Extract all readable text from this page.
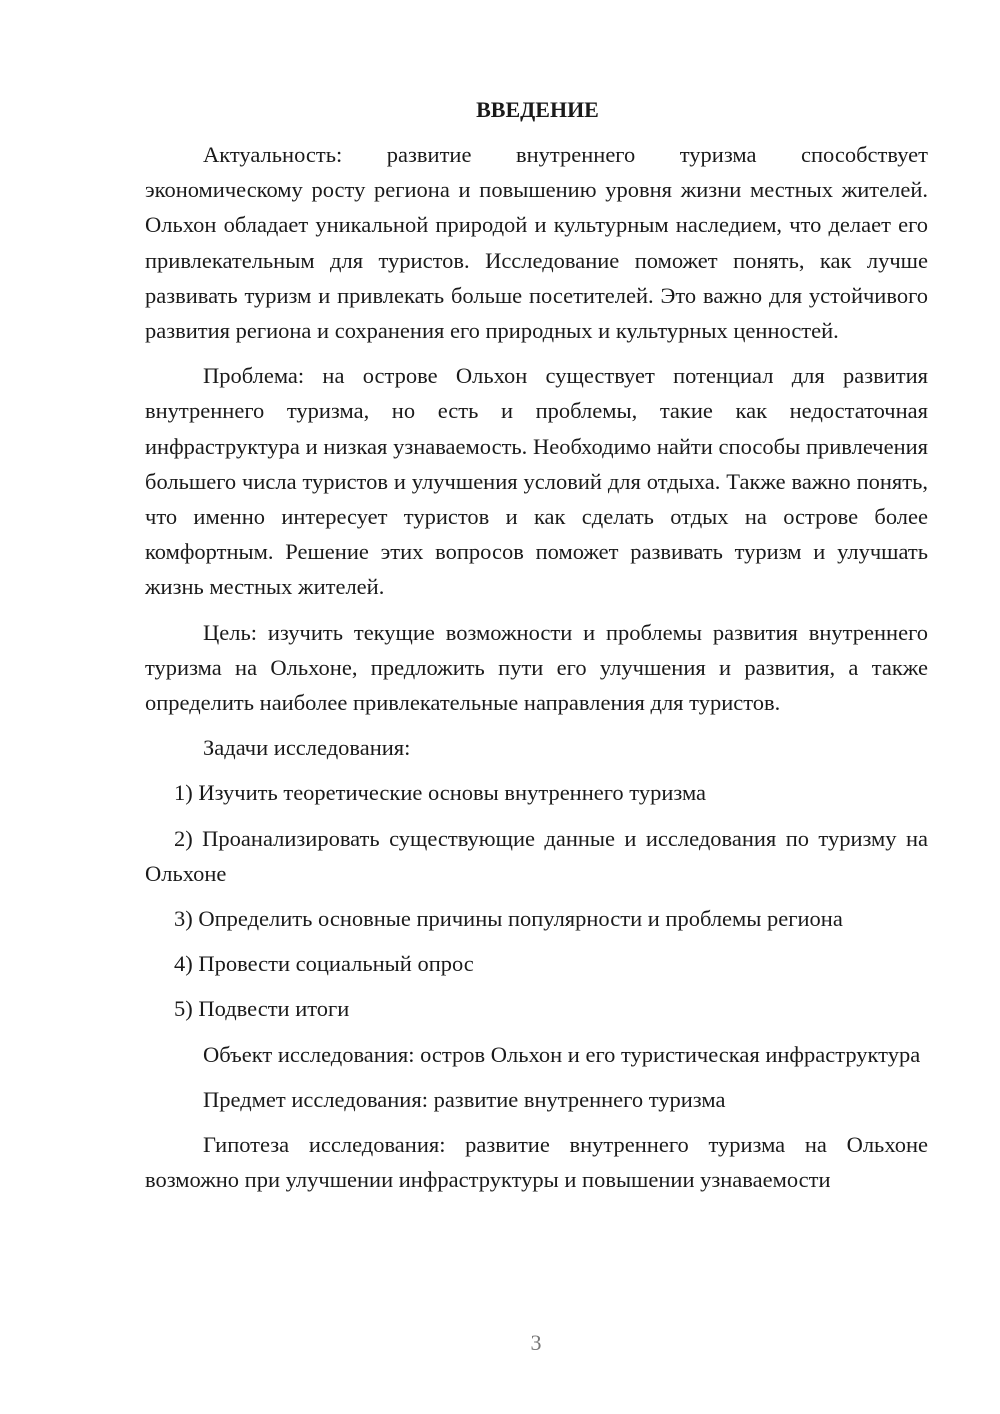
ВВЕДЕНИЕ

Актуальность: развитие внутреннего туризма способствует экономическому росту региона и повышению уровня жизни местных жителей. Ольхон обладает уникальной природой и культурным наследием, что делает его привлекательным для туристов. Исследование поможет понять, как лучше развивать туризм и привлекать больше посетителей. Это важно для устойчивого развития региона и сохранения его природных и культурных ценностей.

Проблема: на острове Ольхон существует потенциал для развития внутреннего туризма, но есть и проблемы, такие как недостаточная инфраструктура и низкая узнаваемость. Необходимо найти способы привлечения большего числа туристов и улучшения условий для отдыха. Также важно понять, что именно интересует туристов и как сделать отдых на острове более комфортным. Решение этих вопросов поможет развивать туризм и улучшать жизнь местных жителей.

Цель: изучить текущие возможности и проблемы развития внутреннего туризма на Ольхоне, предложить пути его улучшения и развития, а также определить наиболее привлекательные направления для туристов.

Задачи исследования:

1) Изучить теоретические основы внутреннего туризма

2) Проанализировать существующие данные и исследования по туризму на Ольхоне

3) Определить основные причины популярности и проблемы региона

4) Провести социальный опрос

5) Подвести итоги

Объект исследования: остров Ольхон и его туристическая инфраструктура

Предмет исследования: развитие внутреннего туризма

Гипотеза исследования: развитие внутреннего туризма на Ольхоне возможно при улучшении инфраструктуры и повышении узнаваемости

3
